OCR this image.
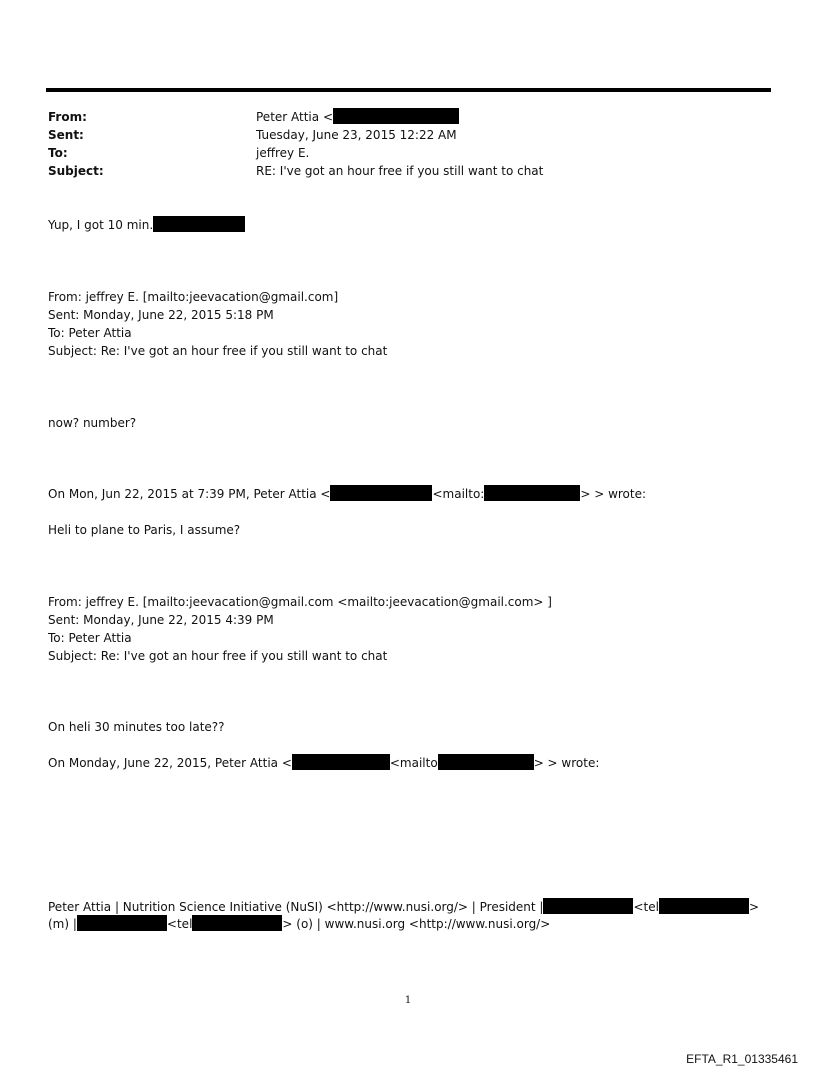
From:	Peter Attia <
Sent:	Tuesday, June 23, 2015 12:22 AM
To:	jeffrey E.
Subject:	RE: I've got an hour free if you still want to chat
Yup, I got 10 min.
From: jeffrey E. [mailto:jeevacation@gmail.com]
Sent: Monday, June 22, 2015 5:18 PM
To: Peter Attia
Subject: Re: I've got an hour free if you still want to chat
now? number?
On Mon, Jun 22, 2015 at 7:39 PM, Peter Attia <	<mailto:	> > wrote:
Heli to plane to Paris, I assume?
From: jeffrey E. [mailto:jeevacation@gmail.com <mailto:jeevacation@gmail.com> ]
Sent: Monday, June 22, 2015 4:39 PM
To: Peter Attia
Subject: Re: I've got an hour free if you still want to chat
On heli 30 minutes too late??
On Monday, June 22, 2015, Peter Attia <	<mailto	> > wrote:
Peter Attia | Nutrition Science Initiative (NuSI) <http://www.nusi.org/> | President |	<tel	>
(m) |	<tel	> (o) | www.nusi.org <http://www.nusi.org/>
1
EFTA_R1_01335461
